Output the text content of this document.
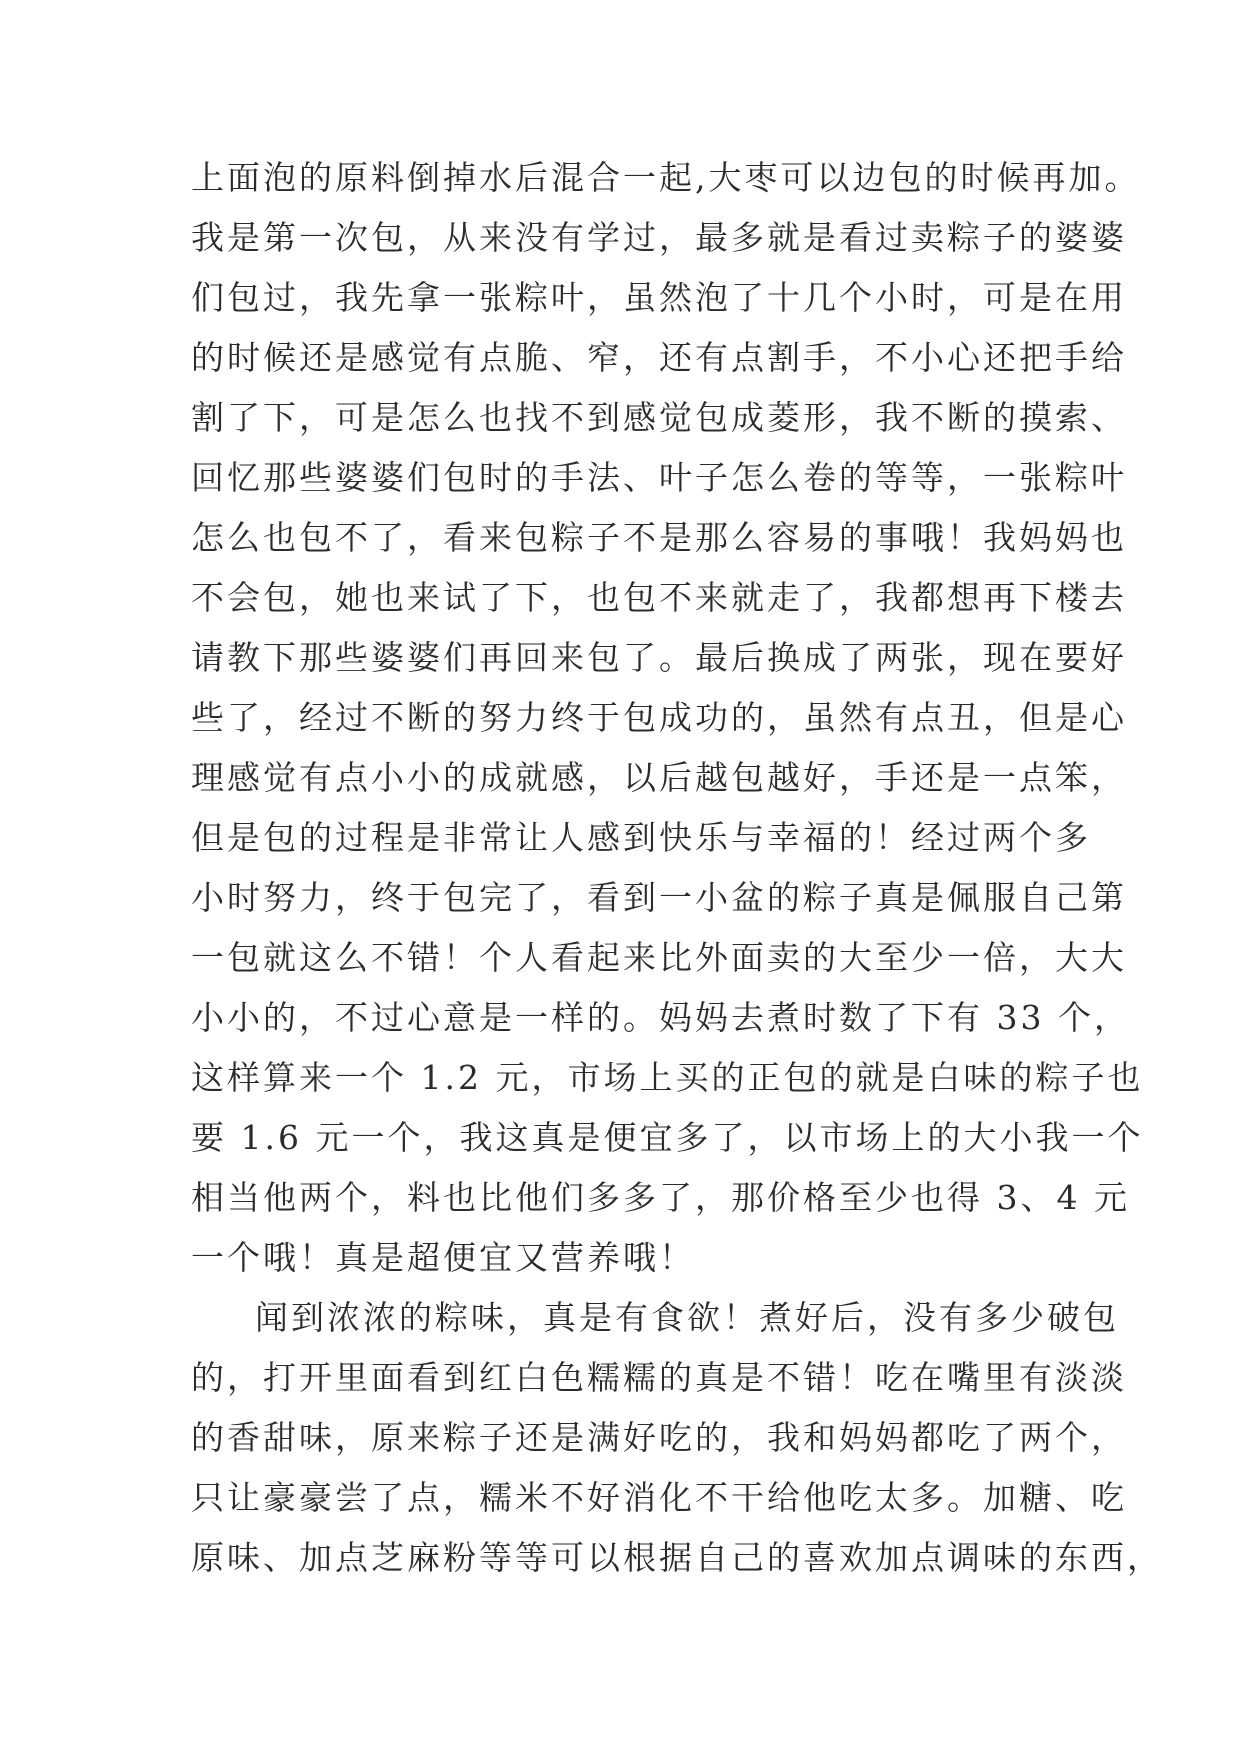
上面泡的原料倒掉水后混合一起,大枣可以边包的时候再加。
我是第一次包，从来没有学过，最多就是看过卖粽子的婆婆
们包过，我先拿一张粽叶，虽然泡了十几个小时，可是在用
的时候还是感觉有点脆、窄，还有点割手，不小心还把手给
割了下，可是怎么也找不到感觉包成菱形，我不断的摸索、
回忆那些婆婆们包时的手法、叶子怎么卷的等等，一张粽叶
怎么也包不了，看来包粽子不是那么容易的事哦！我妈妈也
不会包，她也来试了下，也包不来就走了，我都想再下楼去
请教下那些婆婆们再回来包了。最后换成了两张，现在要好
些了，经过不断的努力终于包成功的，虽然有点丑，但是心
理感觉有点小小的成就感，以后越包越好，手还是一点笨，
但是包的过程是非常让人感到快乐与幸福的！经过两个多
小时努力，终于包完了，看到一小盆的粽子真是佩服自己第
一包就这么不错！个人看起来比外面卖的大至少一倍，大大
小小的，不过心意是一样的。妈妈去煮时数了下有 33 个，
这样算来一个 1.2 元，市场上买的正包的就是白味的粽子也
要 1.6 元一个，我这真是便宜多了，以市场上的大小我一个
相当他两个，料也比他们多多了，那价格至少也得 3、4 元
一个哦！真是超便宜又营养哦！
闻到浓浓的粽味，真是有食欲！煮好后，没有多少破包
的，打开里面看到红白色糯糯的真是不错！吃在嘴里有淡淡
的香甜味，原来粽子还是满好吃的，我和妈妈都吃了两个，
只让豪豪尝了点，糯米不好消化不干给他吃太多。加糖、吃
原味、加点芝麻粉等等可以根据自己的喜欢加点调味的东西，
